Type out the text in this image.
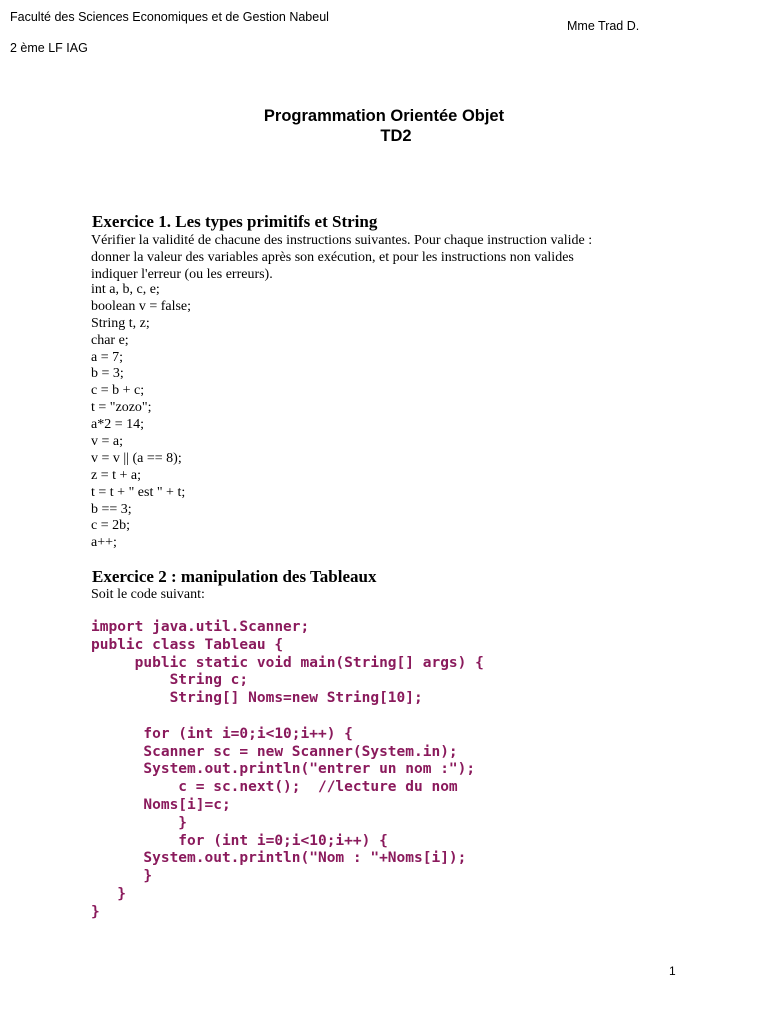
Faculté des Sciences Economiques et de Gestion Nabeul
2 ème LF IAG
Mme Trad D.
Programmation Orientée Objet
TD2
Exercice 1. Les types primitifs et String
Vérifier la validité de chacune des instructions suivantes. Pour chaque instruction valide :
donner la valeur des variables après son exécution, et pour les instructions non valides
indiquer l'erreur (ou les erreurs).
int a, b, c, e;
boolean v = false;
String t, z;
char e;
a = 7;
b = 3;
c = b + c;
t = "zozo";
a*2 = 14;
v = a;
v = v || (a == 8);
z = t + a;
t = t + " est " + t;
b == 3;
c = 2b;
a++;
Exercice 2 : manipulation des Tableaux
Soit le code suivant:
import java.util.Scanner;
public class Tableau {
public static void main(String[] args) {
String c;
String[] Noms=new String[10];
for (int i=0;i<10;i++) {
Scanner sc = new Scanner(System.in);
System.out.println("entrer un nom :");
c = sc.next();  //lecture du nom
Noms[i]=c;
}
for (int i=0;i<10;i++) {
System.out.println("Nom : "+Noms[i]);
}
}
}
1
